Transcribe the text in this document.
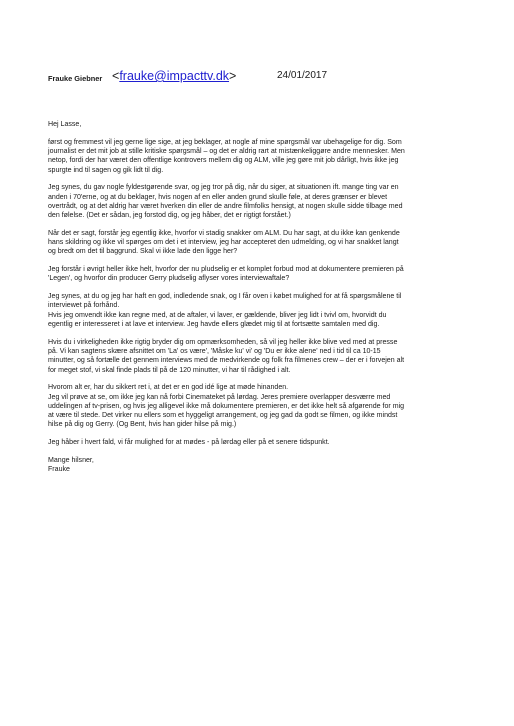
Frauke Giebner <frauke@impacttv.dk>	24/01/2017

Hej Lasse,

først og fremmest vil jeg gerne lige sige, at jeg beklager, at nogle af mine spørgsmål var ubehagelige for dig. Som
journalist er det mit job at stille kritiske spørgsmål – og det er aldrig rart at mistænkeliggøre andre mennesker. Men
netop, fordi der har været den offentlige kontrovers mellem dig og ALM, ville jeg gøre mit job dårligt, hvis ikke jeg
spurgte ind til sagen og gik lidt til dig.

Jeg synes, du gav nogle fyldestgørende svar, og jeg tror på dig, når du siger, at situationen ift. mange ting var en
anden i 70'erne, og at du beklager, hvis nogen af en eller anden grund skulle føle, at deres grænser er blevet
overtrådt, og at det aldrig har været hverken din eller de andre filmfolks hensigt, at nogen skulle sidde tilbage med
den følelse. (Det er sådan, jeg forstod dig, og jeg håber, det er rigtigt forstået.)

Når det er sagt, forstår jeg egentlig ikke, hvorfor vi stadig snakker om ALM. Du har sagt, at du ikke kan genkende
hans skildring og ikke vil spørges om det i et interview, jeg har accepteret den udmelding, og vi har snakket langt
og bredt om det til baggrund. Skal vi ikke lade den ligge her?

Jeg forstår i øvrigt heller ikke helt, hvorfor der nu pludselig er et komplet forbud mod at dokumentere premieren på
'Legen', og hvorfor din producer Gerry pludselig aflyser vores interviewaftale?

Jeg synes, at du og jeg har haft en god, indledende snak, og I får oven i købet mulighed for at få spørgsmålene til
interviewet på forhånd.

Hvis jeg omvendt ikke kan regne med, at de aftaler, vi laver, er gældende, bliver jeg lidt i tvivl om, hvorvidt du
egentlig er interesseret i at lave et interview. Jeg havde ellers glædet mig til at fortsætte samtalen med dig.

Hvis du i virkeligheden ikke rigtig bryder dig om opmærksomheden, så vil jeg heller ikke blive ved med at presse
på. Vi kan sagtens skære afsnittet om 'La' os være', 'Måske ku' vi' og 'Du er ikke alene' ned i tid til ca 10-15
minutter, og så fortælle det gennem interviews med de medvirkende og folk fra filmenes crew – der er i forvejen alt
for meget stof, vi skal finde plads til på de 120 minutter, vi har til rådighed i alt.

Hvorom alt er, har du sikkert ret i, at det er en god idé lige at møde hinanden.

Jeg vil prøve at se, om ikke jeg kan nå forbi Cinemateket på lørdag. Jeres premiere overlapper desværre med
uddelingen af tv-prisen, og hvis jeg alligevel ikke må dokumentere premieren, er det ikke helt så afgørende for mig
at være til stede. Det virker nu ellers som et hyggeligt arrangement, og jeg gad da godt se filmen, og ikke mindst
hilse på dig og Gerry. (Og Bent, hvis han gider hilse på mig.)

Jeg håber i hvert fald, vi får mulighed for at mødes - på lørdag eller på et senere tidspunkt.

Mange hilsner,

Frauke
